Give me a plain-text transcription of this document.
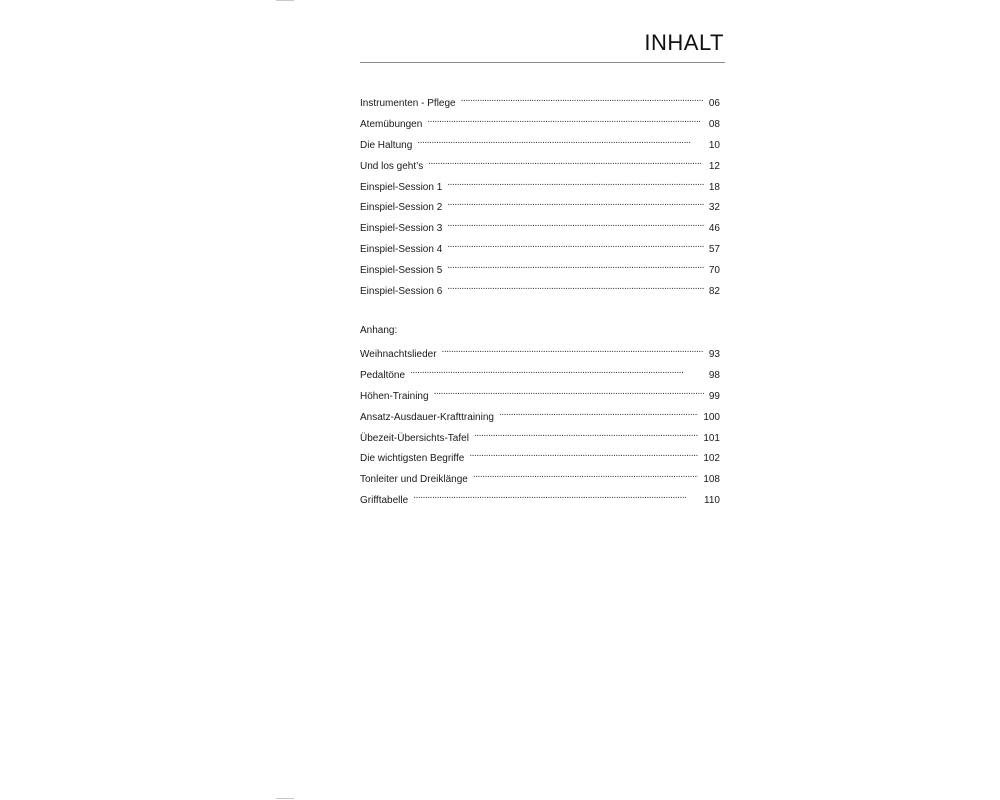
INHALT
Instrumenten - Pflege . . .	06
Atemübungen . . .	08
Die Haltung . . .	10
Und los geht’s . . .	12
Einspiel-Session 1 . . .	18
Einspiel-Session 2 . . .	32
Einspiel-Session 3 . . .	46
Einspiel-Session 4 . . .	57
Einspiel-Session 5 . . .	70
Einspiel-Session 6 . . .	82
Anhang:
Weihnachtslieder . . .	93
Pedaltöne . . .	98
Höhen-Training . . .	99
Ansatz-Ausdauer-Krafttraining . . .	100
Übezeit-Übersichts-Tafel . . .	101
Die wichtigsten Begriffe . . .	102
Tonleiter und Dreiklänge . . .	108
Grifftabelle . . .	110
